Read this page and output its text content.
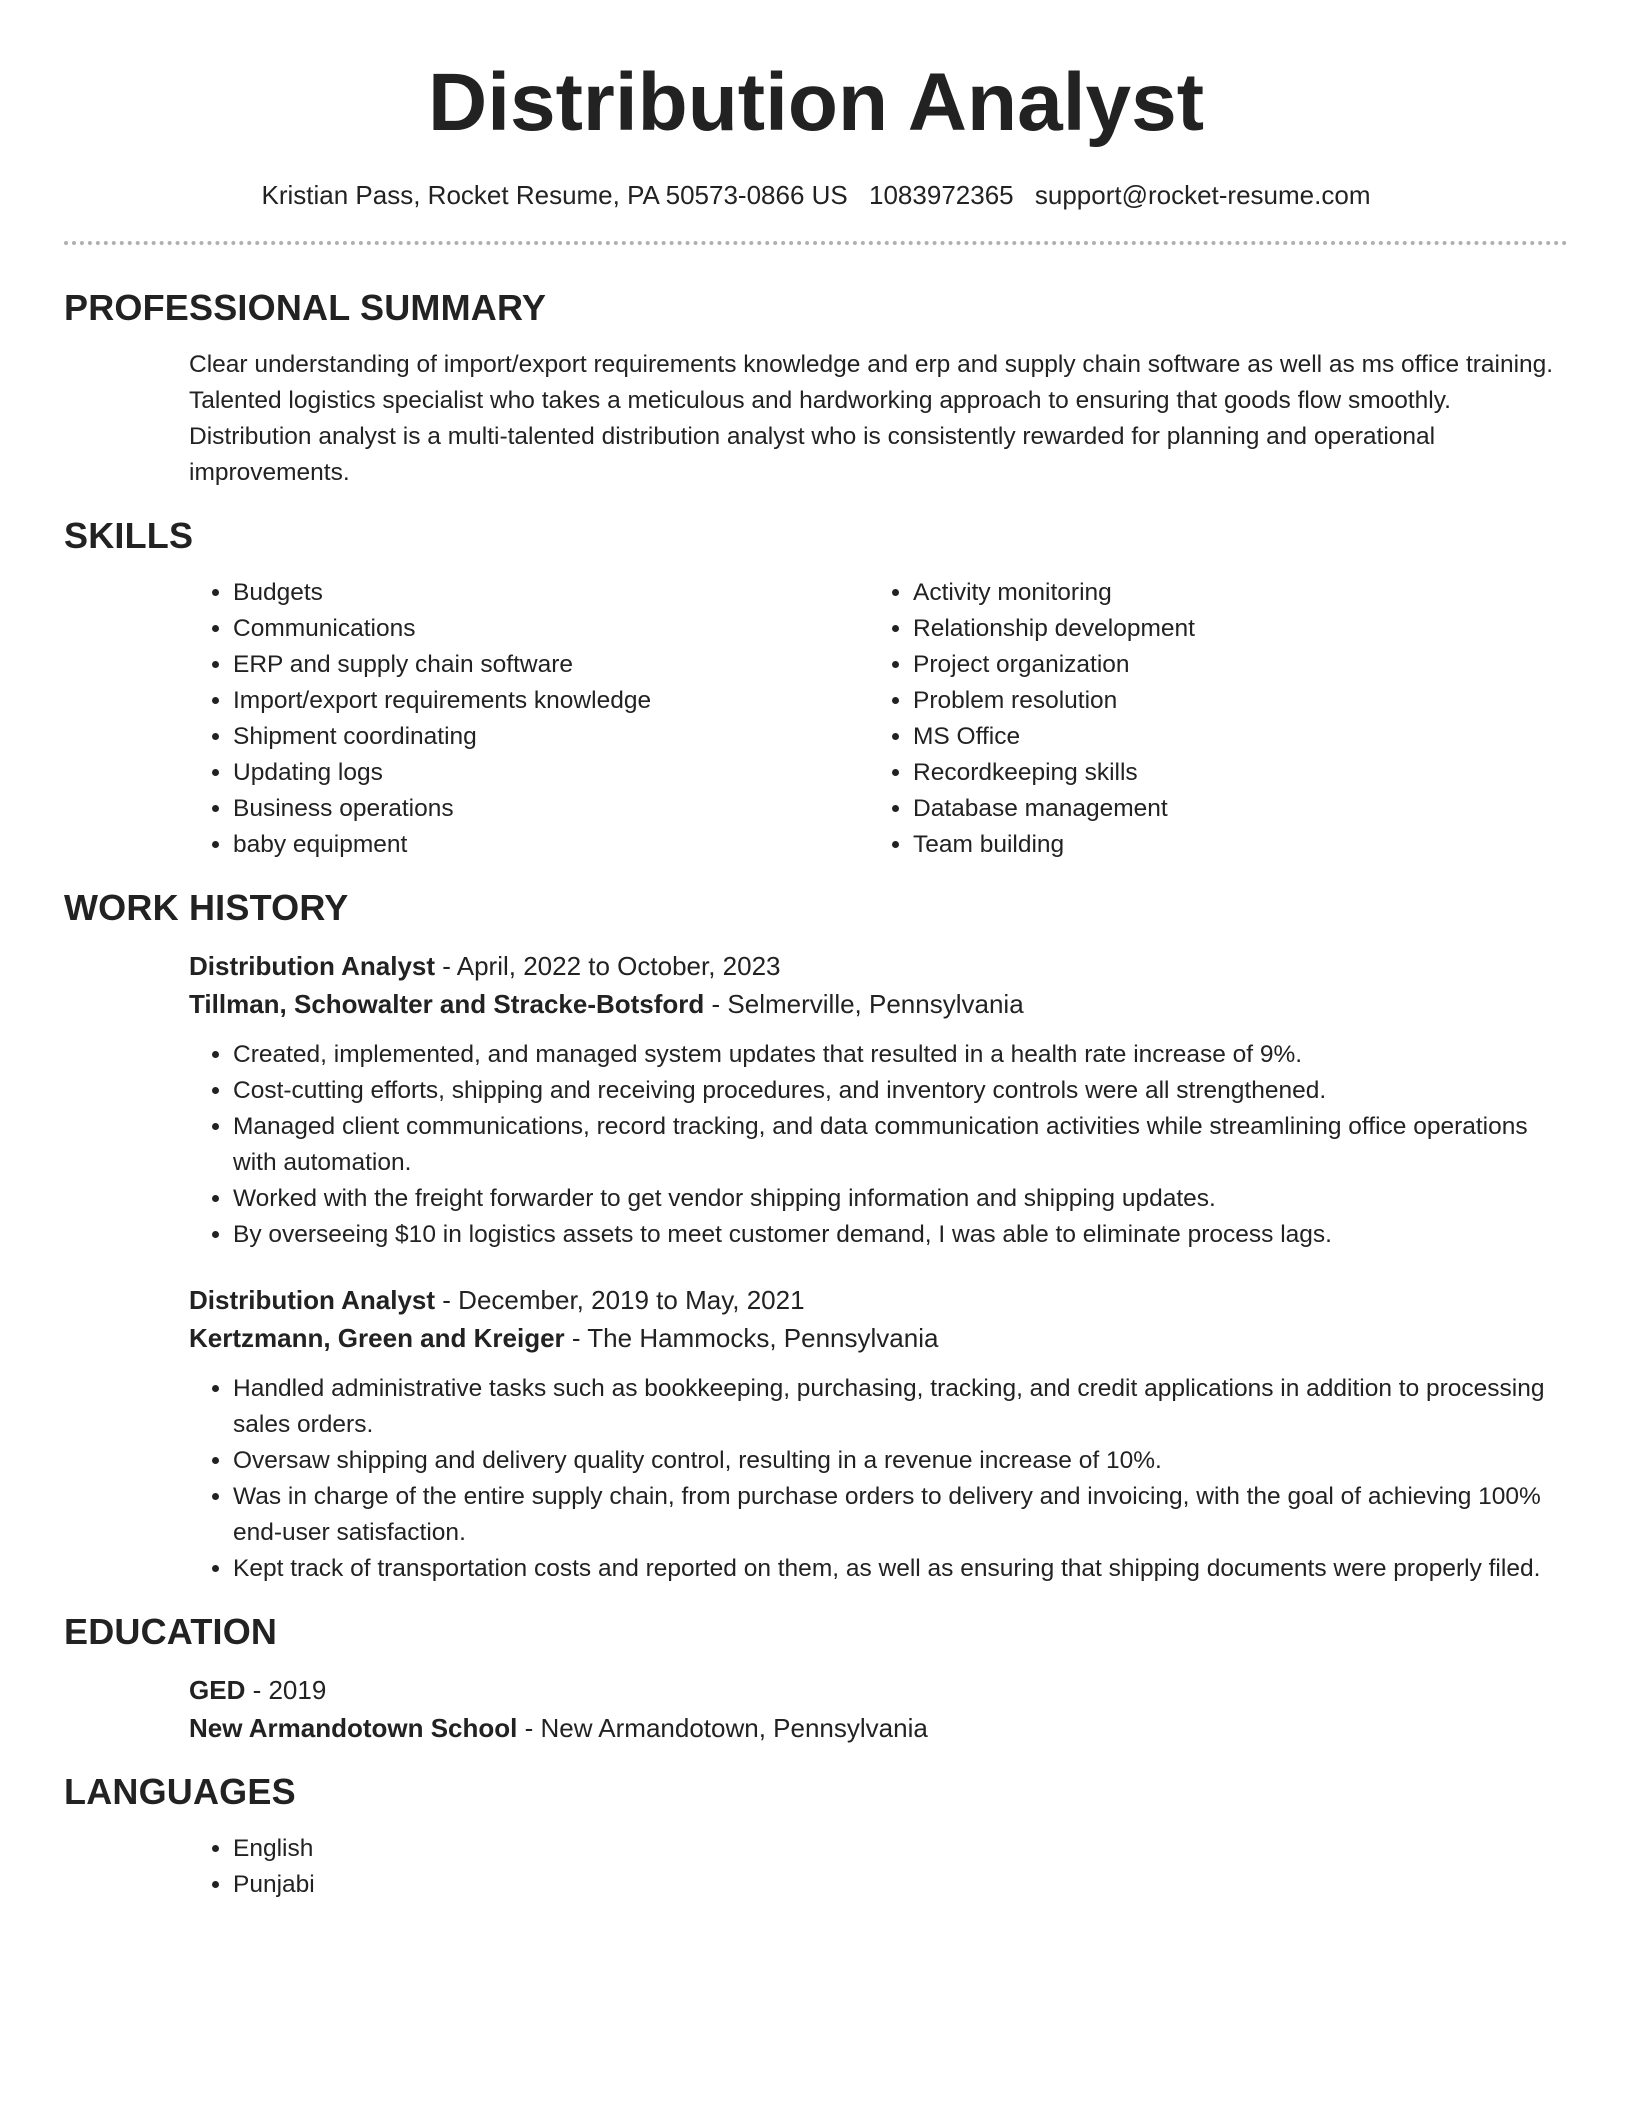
Distribution Analyst
Kristian Pass, Rocket Resume, PA 50573-0866 US 1083972365 support@rocket-resume.com
PROFESSIONAL SUMMARY
Clear understanding of import/export requirements knowledge and erp and supply chain software as well as ms office training. Talented logistics specialist who takes a meticulous and hardworking approach to ensuring that goods flow smoothly. Distribution analyst is a multi-talented distribution analyst who is consistently rewarded for planning and operational improvements.
SKILLS
• Budgets
• Communications
• ERP and supply chain software
• Import/export requirements knowledge
• Shipment coordinating
• Updating logs
• Business operations
• baby equipment
• Activity monitoring
• Relationship development
• Project organization
• Problem resolution
• MS Office
• Recordkeeping skills
• Database management
• Team building
WORK HISTORY
Distribution Analyst - April, 2022 to October, 2023
Tillman, Schowalter and Stracke-Botsford - Selmerville, Pennsylvania
• Created, implemented, and managed system updates that resulted in a health rate increase of 9%.
• Cost-cutting efforts, shipping and receiving procedures, and inventory controls were all strengthened.
• Managed client communications, record tracking, and data communication activities while streamlining office operations with automation.
• Worked with the freight forwarder to get vendor shipping information and shipping updates.
• By overseeing $10 in logistics assets to meet customer demand, I was able to eliminate process lags.
Distribution Analyst - December, 2019 to May, 2021
Kertzmann, Green and Kreiger - The Hammocks, Pennsylvania
• Handled administrative tasks such as bookkeeping, purchasing, tracking, and credit applications in addition to processing sales orders.
• Oversaw shipping and delivery quality control, resulting in a revenue increase of 10%.
• Was in charge of the entire supply chain, from purchase orders to delivery and invoicing, with the goal of achieving 100% end-user satisfaction.
• Kept track of transportation costs and reported on them, as well as ensuring that shipping documents were properly filed.
EDUCATION
GED - 2019
New Armandotown School - New Armandotown, Pennsylvania
LANGUAGES
• English
• Punjabi
